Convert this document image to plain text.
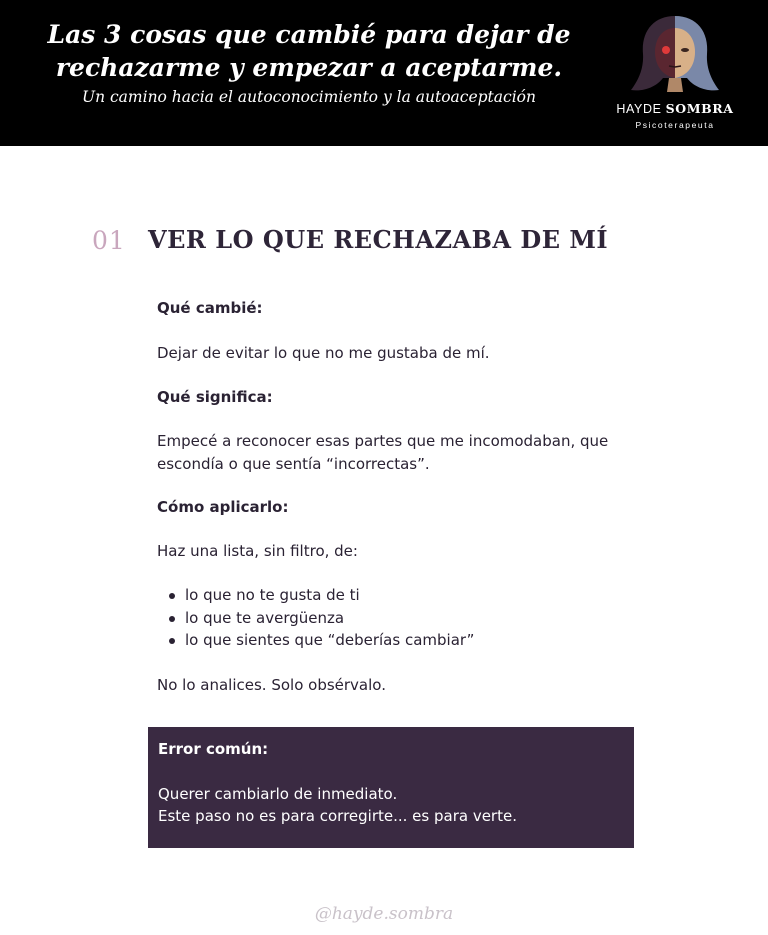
Las 3 cosas que cambié para dejar de
rechazarme y empezar a aceptarme.
Un camino hacia el autoconocimiento y la autoaceptación
HAYDE SOMBRA
Psicoterapeuta
01 VER LO QUE RECHAZABA DE MÍ
Qué cambié:
Dejar de evitar lo que no me gustaba de mí.
Qué significa:
Empecé a reconocer esas partes que me incomodaban, que
escondía o que sentía “incorrectas”.
Cómo aplicarlo:
Haz una lista, sin filtro, de:
lo que no te gusta de ti
lo que te avergüenza
lo que sientes que “deberías cambiar”
No lo analices. Solo obsérvalo.
Error común:
Querer cambiarlo de inmediato.
Este paso no es para corregirte... es para verte.
@hayde.sombra
